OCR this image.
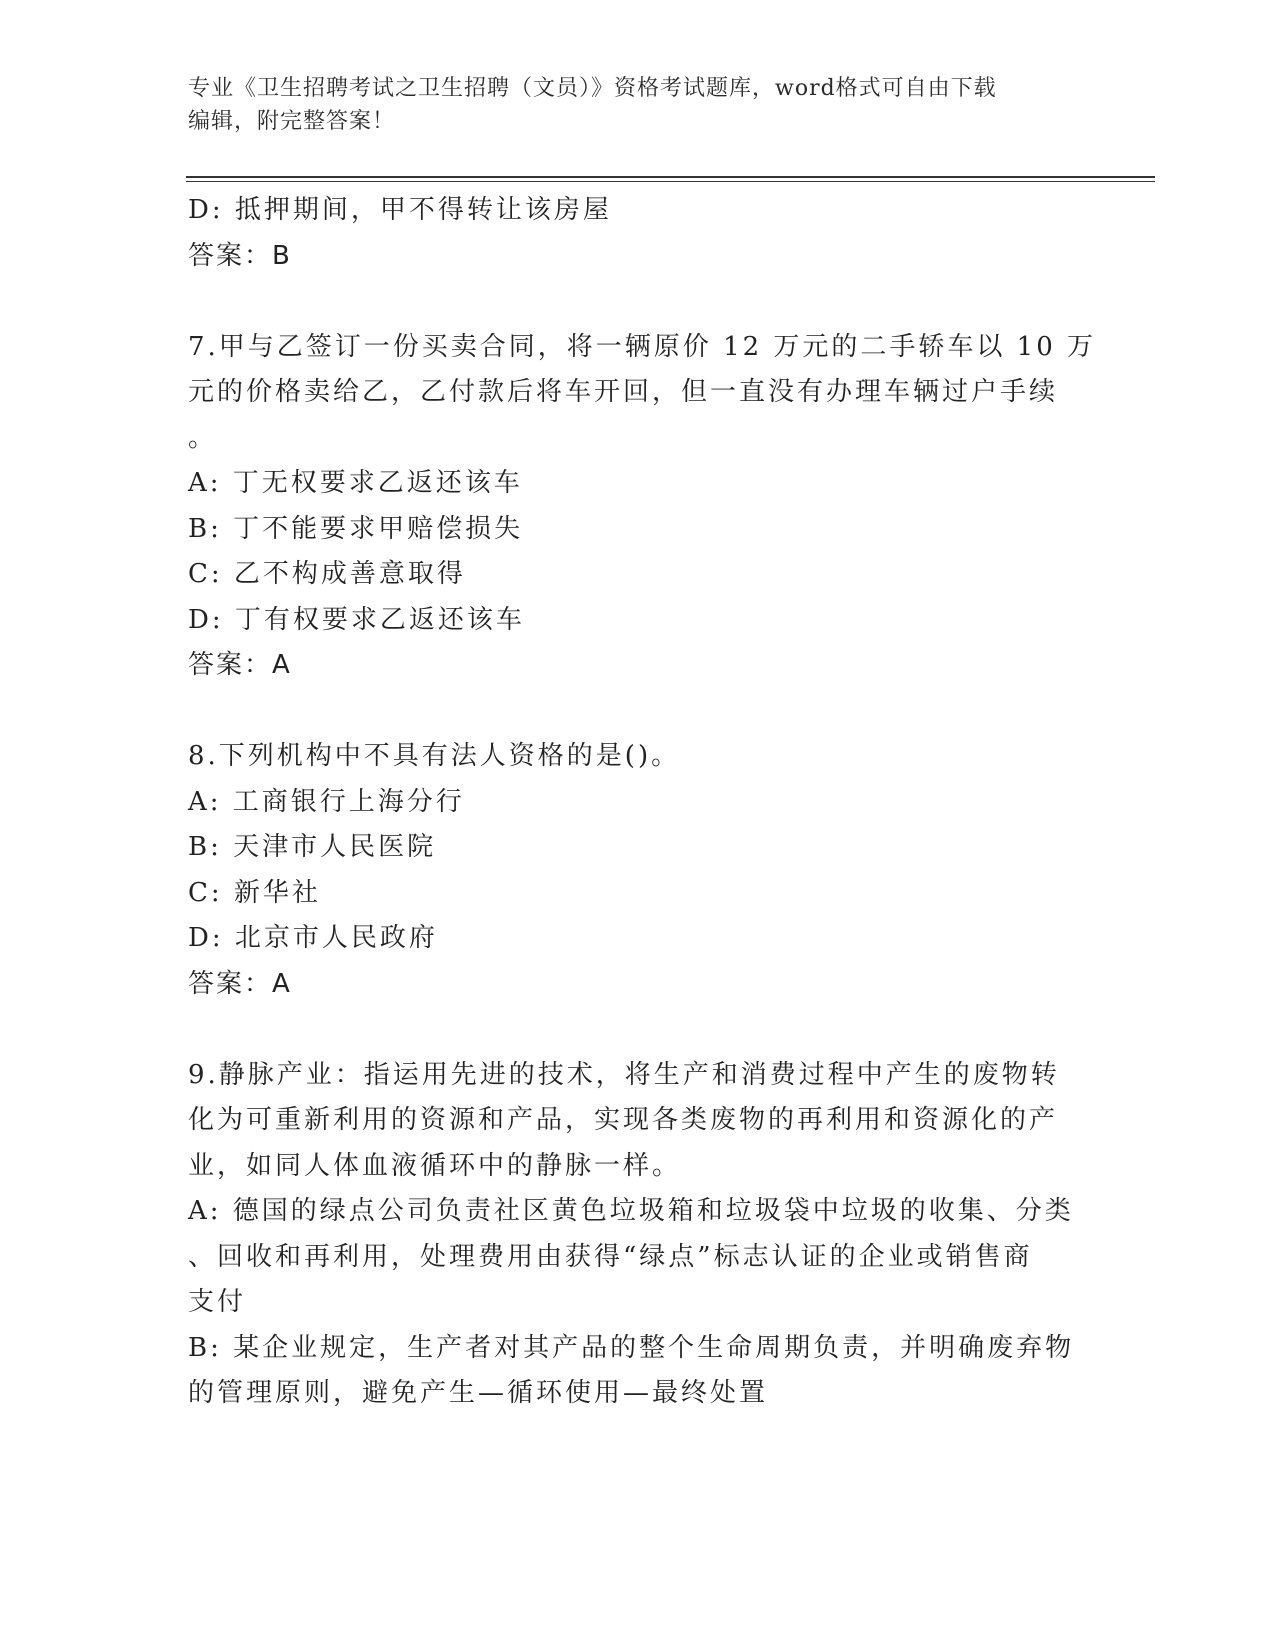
专业《卫生招聘考试之卫生招聘（文员）》资格考试题库，word格式可自由下载
编辑，附完整答案！
D: 抵押期间，甲不得转让该房屋
答案：B
7.甲与乙签订一份买卖合同，将一辆原价 12 万元的二手轿车以 10 万
元的价格卖给乙，乙付款后将车开回，但一直没有办理车辆过户手续
。
A: 丁无权要求乙返还该车
B: 丁不能要求甲赔偿损失
C: 乙不构成善意取得
D: 丁有权要求乙返还该车
答案：A
8.下列机构中不具有法人资格的是()。
A: 工商银行上海分行
B: 天津市人民医院
C: 新华社
D: 北京市人民政府
答案：A
9.静脉产业：指运用先进的技术，将生产和消费过程中产生的废物转
化为可重新利用的资源和产品，实现各类废物的再利用和资源化的产
业，如同人体血液循环中的静脉一样。
A: 德国的绿点公司负责社区黄色垃圾箱和垃圾袋中垃圾的收集、分类
、回收和再利用，处理费用由获得“绿点”标志认证的企业或销售商
支付
B: 某企业规定，生产者对其产品的整个生命周期负责，并明确废弃物
的管理原则，避免产生—循环使用—最终处置
